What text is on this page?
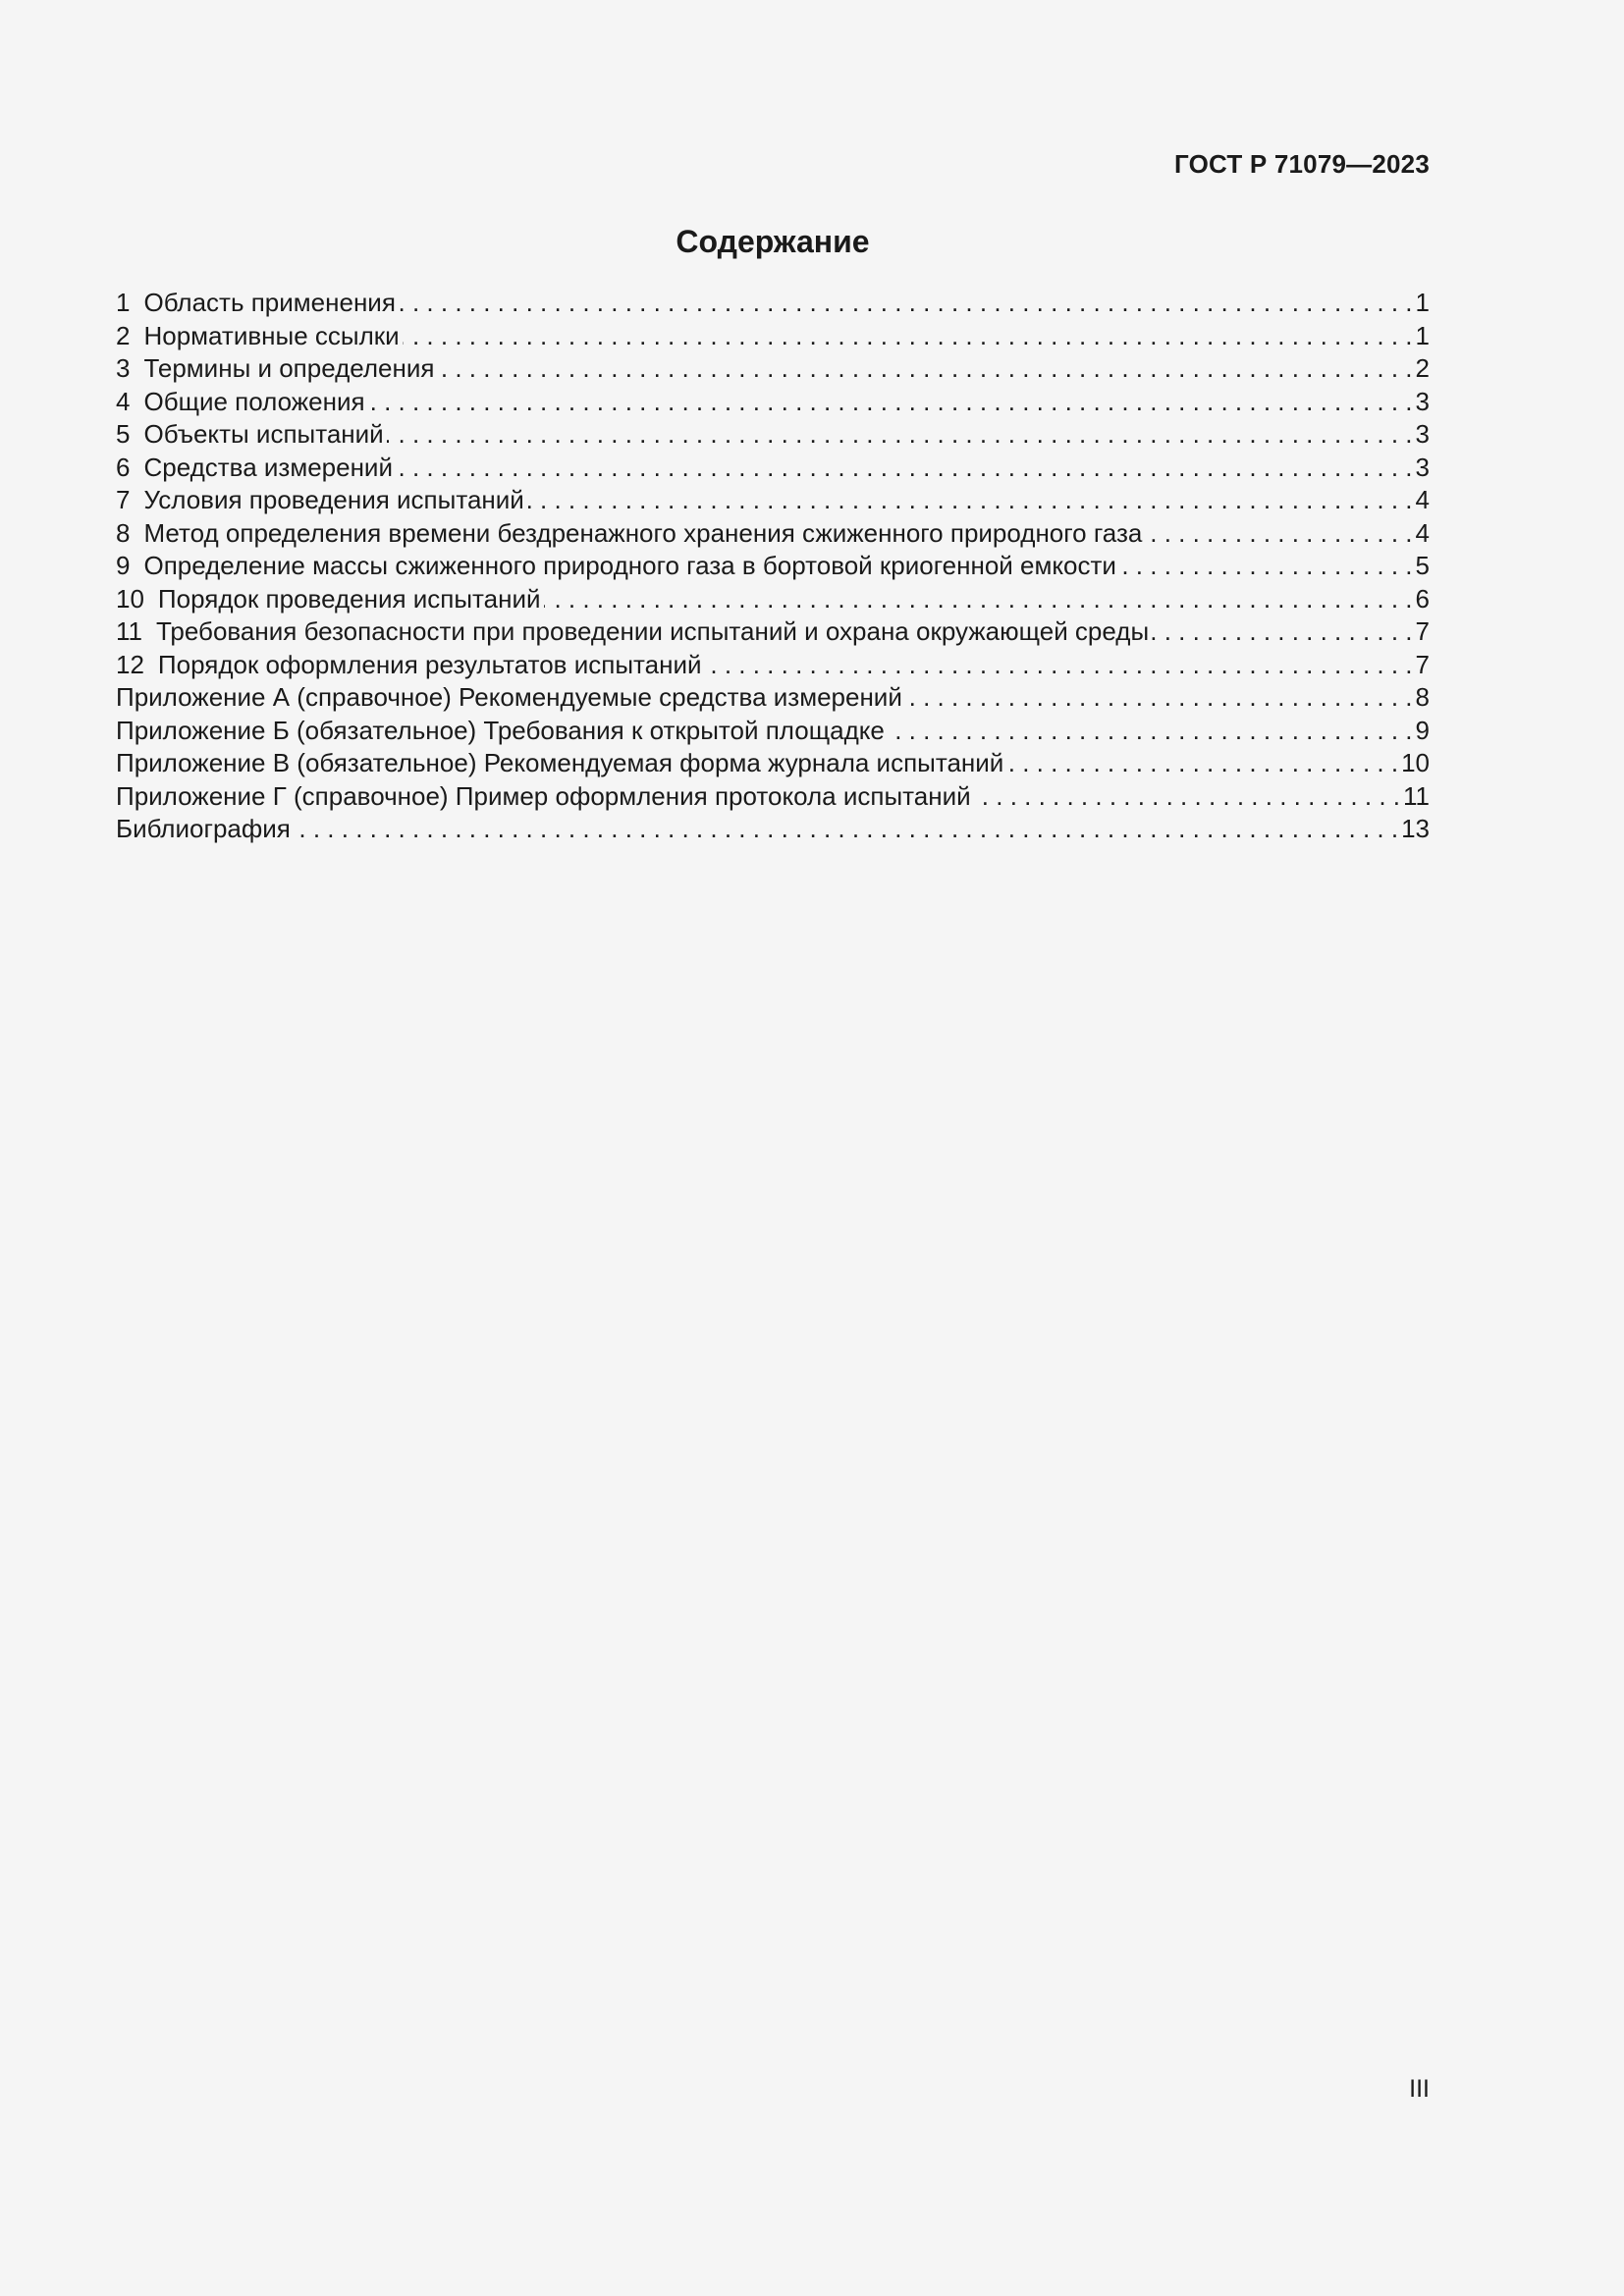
ГОСТ Р 71079—2023
Содержание
1 Область применения . . .	1
2 Нормативные ссылки . . .	1
3 Термины и определения . . .	2
4 Общие положения . . .	3
5 Объекты испытаний . . .	3
6 Средства измерений . . .	3
7 Условия проведения испытаний . . .	4
8 Метод определения времени бездренажного хранения сжиженного природного газа . . .	4
9 Определение массы сжиженного природного газа в бортовой криогенной емкости . . .	5
10 Порядок проведения испытаний . . .	6
11 Требования безопасности при проведении испытаний и охрана окружающей среды . . .	7
12 Порядок оформления результатов испытаний . . .	7
Приложение А (справочное) Рекомендуемые средства измерений . . .	8
Приложение Б (обязательное) Требования к открытой площадке . . .	9
Приложение В (обязательное) Рекомендуемая форма журнала испытаний . . .	10
Приложение Г (справочное) Пример оформления протокола испытаний . . .	11
Библиография . . .	13
III
